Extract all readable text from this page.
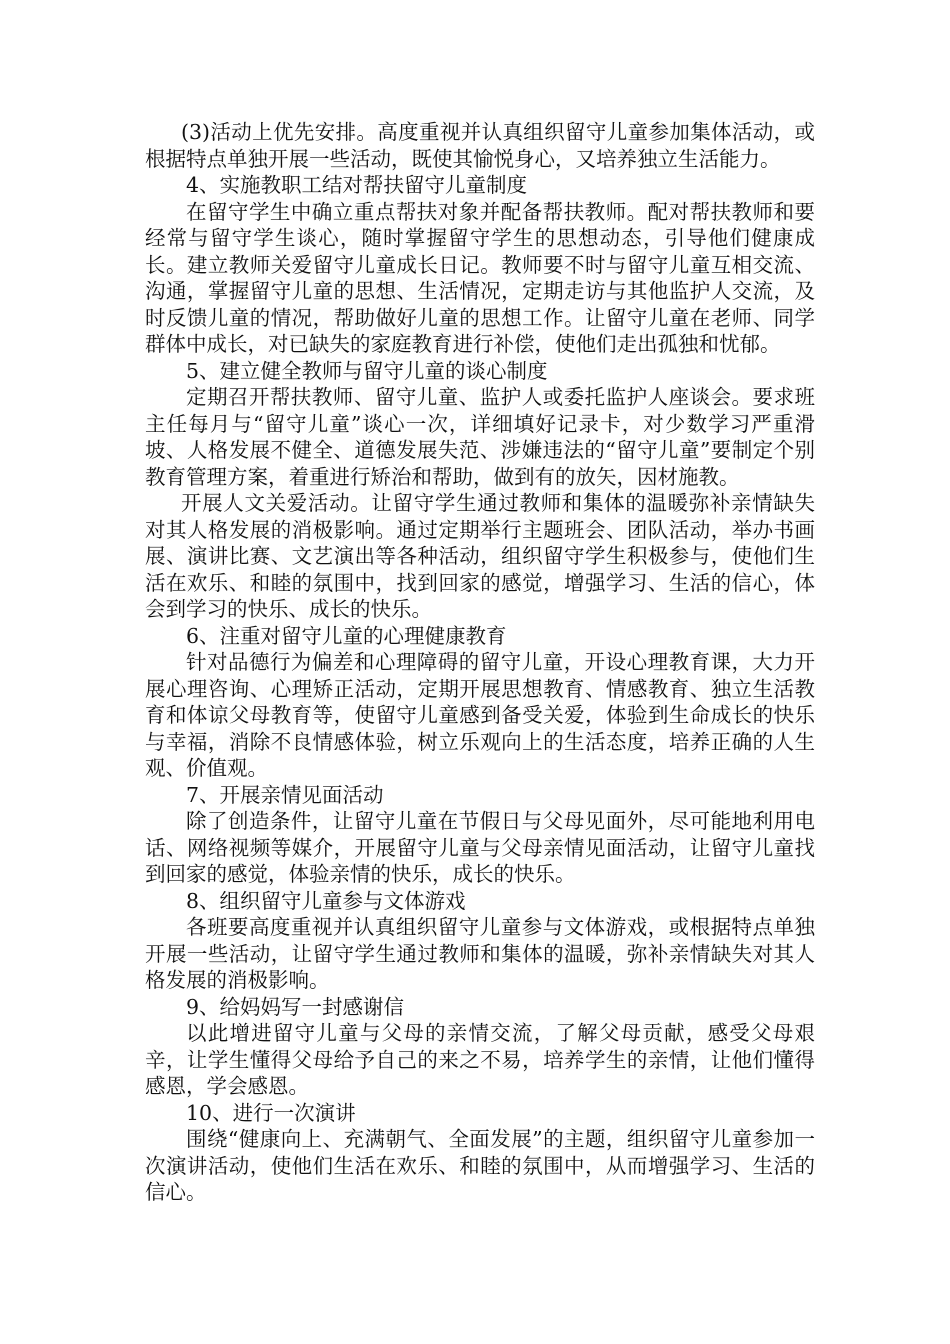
(3)活动上优先安排。高度重视并认真组织留守儿童参加集体活动，或根据特点单独开展一些活动，既使其愉悦身心，又培养独立生活能力。

4、实施教职工结对帮扶留守儿童制度

在留守学生中确立重点帮扶对象并配备帮扶教师。配对帮扶教师和要经常与留守学生谈心，随时掌握留守学生的思想动态，引导他们健康成长。建立教师关爱留守儿童成长日记。教师要不时与留守儿童互相交流、沟通，掌握留守儿童的思想、生活情况，定期走访与其他监护人交流，及时反馈儿童的情况，帮助做好儿童的思想工作。让留守儿童在老师、同学群体中成长，对已缺失的家庭教育进行补偿，使他们走出孤独和忧郁。

5、建立健全教师与留守儿童的谈心制度

定期召开帮扶教师、留守儿童、监护人或委托监护人座谈会。要求班主任每月与“留守儿童”谈心一次，详细填好记录卡，对少数学习严重滑坡、人格发展不健全、道德发展失范、涉嫌违法的“留守儿童”要制定个别教育管理方案，着重进行矫治和帮助，做到有的放矢，因材施教。

开展人文关爱活动。让留守学生通过教师和集体的温暖弥补亲情缺失对其人格发展的消极影响。通过定期举行主题班会、团队活动，举办书画展、演讲比赛、文艺演出等各种活动，组织留守学生积极参与，使他们生活在欢乐、和睦的氛围中，找到回家的感觉，增强学习、生活的信心，体会到学习的快乐、成长的快乐。

6、注重对留守儿童的心理健康教育

针对品德行为偏差和心理障碍的留守儿童，开设心理教育课，大力开展心理咨询、心理矫正活动，定期开展思想教育、情感教育、独立生活教育和体谅父母教育等，使留守儿童感到备受关爱，体验到生命成长的快乐与幸福，消除不良情感体验，树立乐观向上的生活态度，培养正确的人生观、价值观。

7、开展亲情见面活动

除了创造条件，让留守儿童在节假日与父母见面外，尽可能地利用电话、网络视频等媒介，开展留守儿童与父母亲情见面活动，让留守儿童找到回家的感觉，体验亲情的快乐，成长的快乐。

8、组织留守儿童参与文体游戏

各班要高度重视并认真组织留守儿童参与文体游戏，或根据特点单独开展一些活动，让留守学生通过教师和集体的温暖，弥补亲情缺失对其人格发展的消极影响。

9、给妈妈写一封感谢信

以此增进留守儿童与父母的亲情交流，了解父母贡献，感受父母艰辛，让学生懂得父母给予自己的来之不易，培养学生的亲情，让他们懂得感恩，学会感恩。

10、进行一次演讲

围绕“健康向上、充满朝气、全面发展”的主题，组织留守儿童参加一次演讲活动，使他们生活在欢乐、和睦的氛围中，从而增强学习、生活的信心。
